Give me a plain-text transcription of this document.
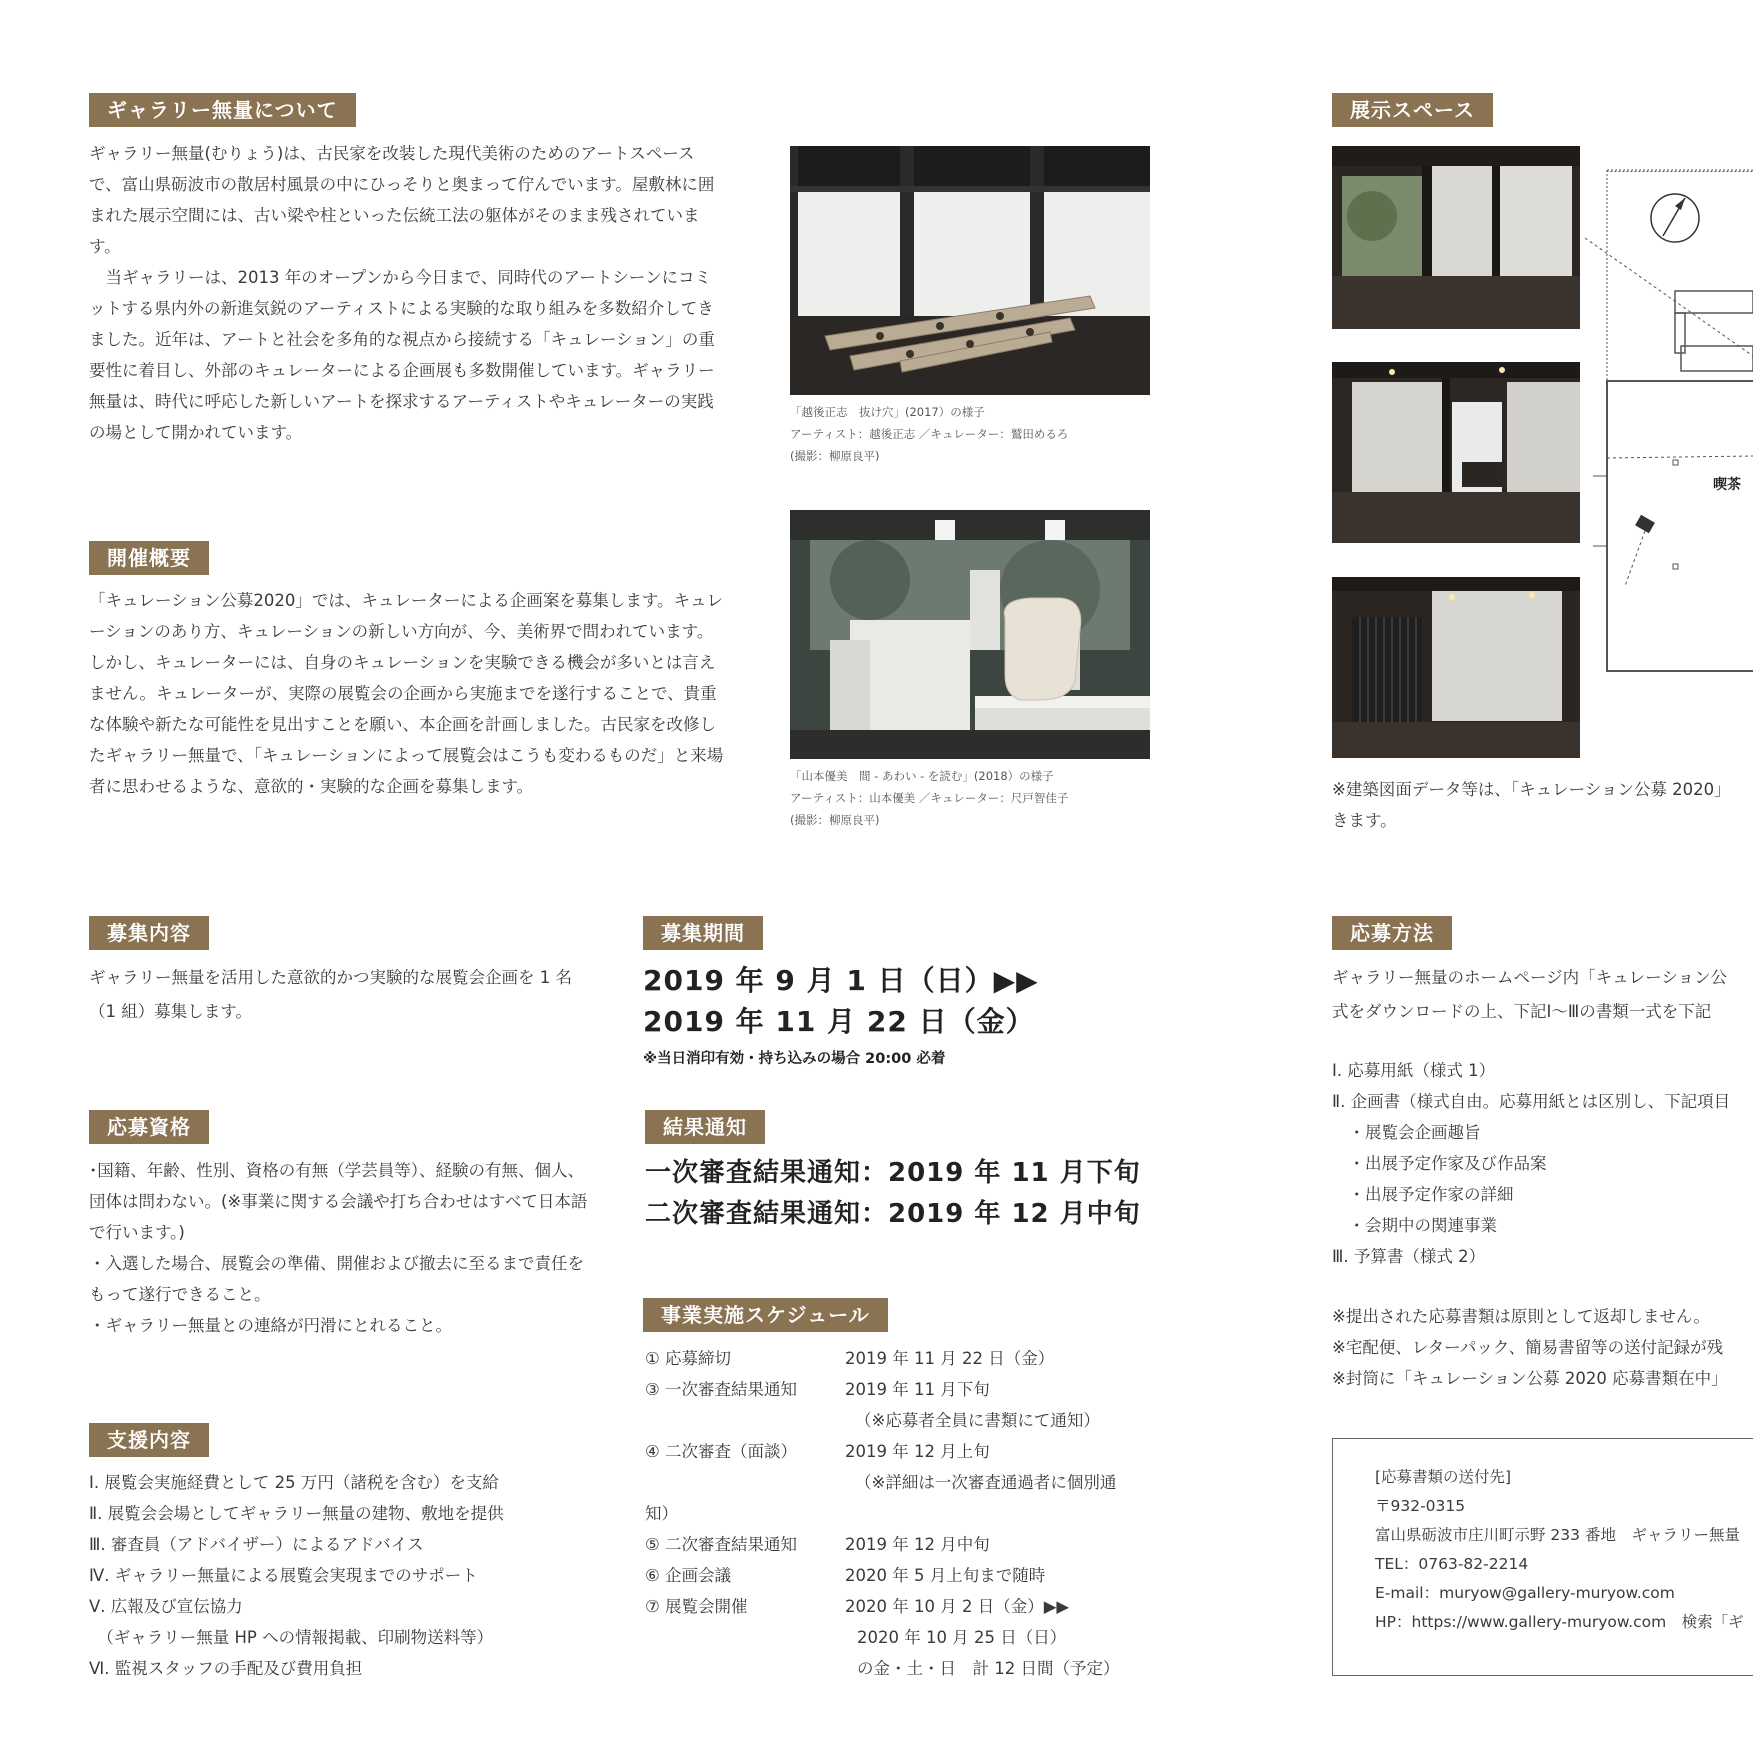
ギャラリー無量について

ギャラリー無量(むりょう)は、古民家を改装した現代美術のためのアートスペースで、富山県砺波市の散居村風景の中にひっそりと奥まって佇んでいます。屋敷林に囲まれた展示空間には、古い梁や柱といった伝統工法の躯体がそのまま残されています。

当ギャラリーは、2013 年のオープンから今日まで、同時代のアートシーンにコミットする県内外の新進気鋭のアーティストによる実験的な取り組みを多数紹介してきました。近年は、アートと社会を多角的な視点から接続する「キュレーション」の重要性に着目し、外部のキュレーターによる企画展も多数開催しています。ギャラリー無量は、時代に呼応した新しいアートを探求するアーティストやキュレーターの実践の場として開かれています。

「越後正志　抜け穴」(2017）の様子
アーティスト：越後正志 ／キュレーター：鷲田めるろ
(撮影：柳原良平)
開催概要

「キュレーション公募2020」では、キュレーターによる企画案を募集します。キュレーションのあり方、キュレーションの新しい方向が、今、美術界で問われています。しかし、キュレーターには、自身のキュレーションを実験できる機会が多いとは言えません。キュレーターが、実際の展覧会の企画から実施までを遂行することで、貴重な体験や新たな可能性を見出すことを願い、本企画を計画しました。古民家を改修したギャラリー無量で、「キュレーションによって展覧会はこうも変わるものだ」と来場者に思わせるような、意欲的・実験的な企画を募集します。

「山本優美　間 - あわい - を読む」(2018）の様子
アーティスト：山本優美 ／キュレーター：尺戸智佳子
(撮影：柳原良平)
展示スペース
喫茶
※建築図面データ等は、「キュレーション公募 2020」
きます。
募集内容

ギャラリー無量を活用した意欲的かつ実験的な展覧会企画を 1 名（1 組）募集します。

応募資格

･国籍、年齢、性別、資格の有無（学芸員等）、経験の有無、個人、団体は問わない。(※事業に関する会議や打ち合わせはすべて日本語で行います。)

・入選した場合、展覧会の準備、開催および撤去に至るまで責任をもって遂行できること。

・ギャラリー無量との連絡が円滑にとれること。

支援内容
Ⅰ. 展覧会実施経費として 25 万円（諸税を含む）を支給
Ⅱ. 展覧会会場としてギャラリー無量の建物、敷地を提供
Ⅲ. 審査員（アドバイザー）によるアドバイス
Ⅳ. ギャラリー無量による展覧会実現までのサポート
Ⅴ. 広報及び宣伝協力
　（ギャラリー無量 HP への情報掲載、印刷物送料等）
Ⅵ. 監視スタッフの手配及び費用負担
募集期間
2019 年 9 月 1 日（日）▶▶
2019 年 11 月 22 日（金）
※当日消印有効・持ち込みの場合 20:00 必着
結果通知
一次審査結果通知：2019 年 11 月下旬
二次審査結果通知：2019 年 12 月中旬
事業実施スケジュール
① 応募締切	2019 年 11 月 22 日（金）
③ 一次審査結果通知	2019 年 11 月下旬
（※応募者全員に書類にて通知）
④ 二次審査（面談）	2019 年 12 月上旬
（※詳細は一次審査通過者に個別通
知）
⑤ 二次審査結果通知	2019 年 12 月中旬
⑥ 企画会議	2020 年 5 月上旬まで随時
⑦ 展覧会開催	2020 年 10 月 2 日（金）▶▶
2020 年 10 月 25 日（日）
の金・土・日　計 12 日間（予定）
応募方法
ギャラリー無量のホームページ内「キュレーション公
式をダウンロードの上、下記Ⅰ～Ⅲの書類一式を下記
Ⅰ. 応募用紙（様式 1）
Ⅱ. 企画書（様式自由。応募用紙とは区別し、下記項目
　・展覧会企画趣旨
　・出展予定作家及び作品案
　・出展予定作家の詳細
　・会期中の関連事業
Ⅲ. 予算書（様式 2）
※提出された応募書類は原則として返却しません。
※宅配便、レターパック、簡易書留等の送付記録が残
※封筒に「キュレーション公募 2020 応募書類在中」
[応募書類の送付先]
〒932-0315
富山県砺波市庄川町示野 233 番地　ギャラリー無量
TEL：0763-82-2214
E-mail：muryow@gallery-muryow.com
HP：https://www.gallery-muryow.com　検索「ギ
